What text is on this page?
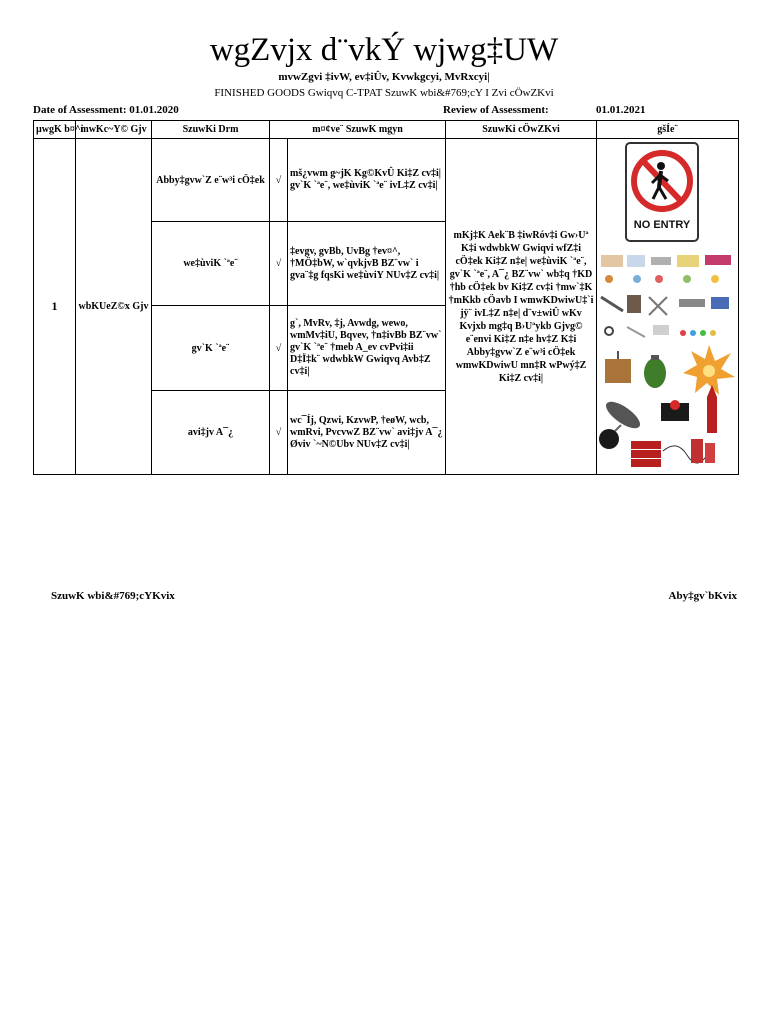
wgZvjx d¨vkÝ wjwg‡UW
mvwZgvi ‡ivW, ev‡iÛv, Kvwkgcyi, MvRxcyi|
FINISHED GOODS Gwiqvq C-TPAT SzuwK wbi&#769;cY I Zvi cÖwZKvi
Date of Assessment: 01.01.2020	Review of Assessment:	01.01.2021
µwgK b¤^i	mwKc~Y© Gjv	SzuwKi Drm	m¤¢ve¨ SzuwK mgyn		SzuwKi cÖwZKvi	gšÍe¨
1	wbKUeZ©x Gjv	Abby‡gvw`Z e¨w³i cÖ‡ek	√	mš¿vwm g~jK Kg©KvÛ Ki‡Z cv‡i|
gv`K `ªe¨, we‡ùviK `ªe¨ ivL‡Z cv‡i|	mKj‡K Aek¨B ‡iwRóv‡i Gw›Uª K‡i wdwbkW Gwiqvi wfZ‡i cÖ‡ek Ki‡Z n‡e| we‡ùviK `ªe¨, gv`K `ªe¨, A¯¿ BZ¨vw` wb‡q †KD †hb cÖ‡ek bv Ki‡Z cv‡i †mw`‡K †mKkb cÖavb I wmwKDwiwU‡`i jÿ¨ ivL‡Z n‡e| d¨v±wiÛ wKv Kvjxb mg‡q B›Uªykb Gjvg© e¨envi Ki‡Z n‡e hv‡Z K‡i Abby‡gvw`Z e¨w³i cÖ‡ek wmwKDwiwU mn‡R wPwý‡Z Ki‡Z cv‡i|	NO ENTRY

		we‡ùviK `ªe¨	√	‡evgv, gvBb, UvBg †ev¤^, †MÖ‡bW, w`qvkjvB BZ¨vw` i gva¨‡g fqsKi we‡ùviY NUv‡Z cv‡i|		
		gv`K `ªe¨	√	g`, MvRv, ‡j, Avwdg, wewo, wmMv‡iU, Bqvev, †n‡ivBb BZ¨vw` gv`K `ªe¨ †meb A_ev cvPvi‡ii D‡Ï‡k¨ wdwbkW Gwiqvq Avb‡Z cv‡i|		
		avi‡jv A¯¿	√	wc¯Íj, Qzwi, KzvwP, †eøW, wcb, wmRvi, PvcvwZ BZ¨vw` avi‡jv A¯¿ Øviv `~N©Ubv NUv‡Z cv‡i|		
SzuwK wbi&#769;cYKvix	Aby‡gv`bKvix
